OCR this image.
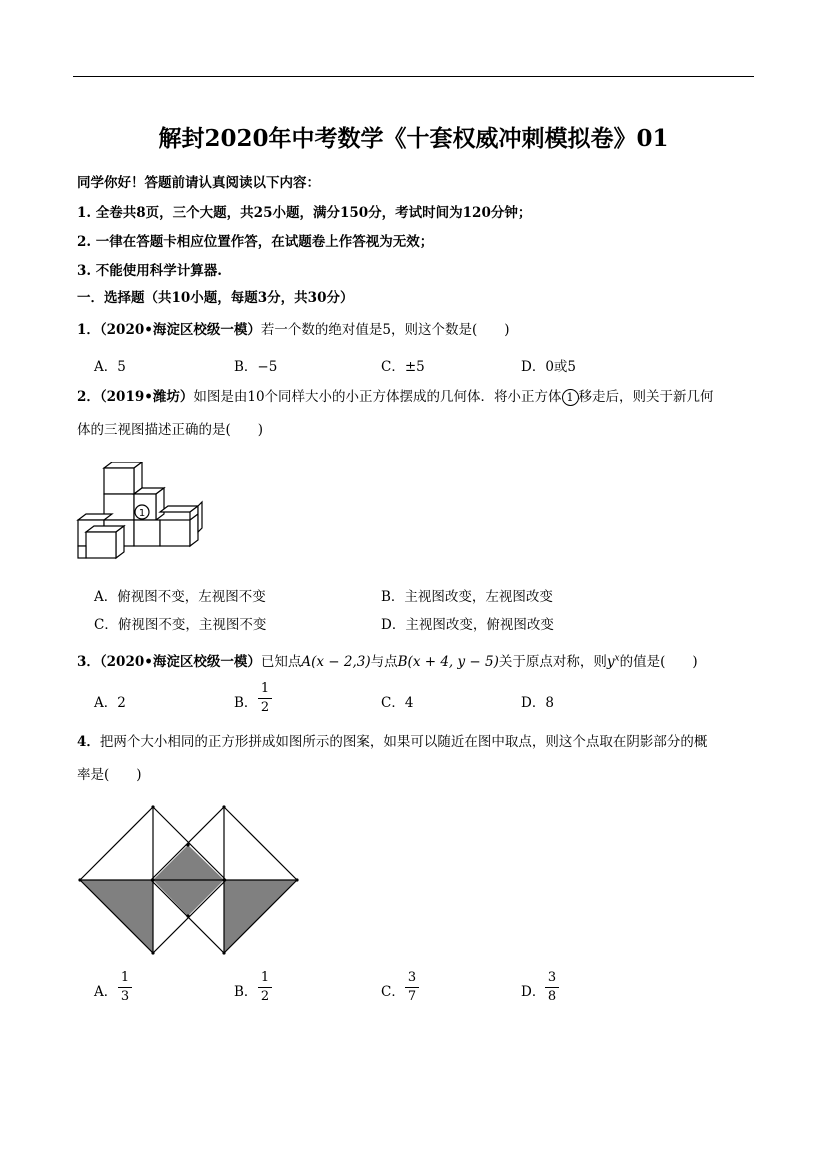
解封2020年中考数学《十套权威冲刺模拟卷》01
同学你好！答题前请认真阅读以下内容：
1. 全卷共8页，三个大题，共25小题，满分150分，考试时间为120分钟；
2. 一律在答题卡相应位置作答，在试题卷上作答视为无效；
3. 不能使用科学计算器.
一．选择题（共10小题，每题3分，共30分）
1．（2020•海淀区校级一模）若一个数的绝对值是5，则这个数是(　　)
A．5	B．−5	C．±5	D．0或5
2．（2019•潍坊）如图是由10个同样大小的小正方体摆成的几何体．将小正方体 1 移走后，则关于新几何
体的三视图描述正确的是(　　)
1
A．俯视图不变，左视图不变	B．主视图改变，左视图改变
C．俯视图不变，主视图不变	D．主视图改变，俯视图改变
3．（2020•海淀区校级一模）已知点A(x − 2,3)与点B(x + 4, y − 5)关于原点对称，则$y^x$的值是(　　)
A．2	B．
1
2	C．4	D．8
4．把两个大小相同的正方形拼成如图所示的图案，如果可以随近在图中取点，则这个点取在阴影部分的概
率是(　　)
A．
1
3	B．
1
2	C．
3
7	D．
3
8
